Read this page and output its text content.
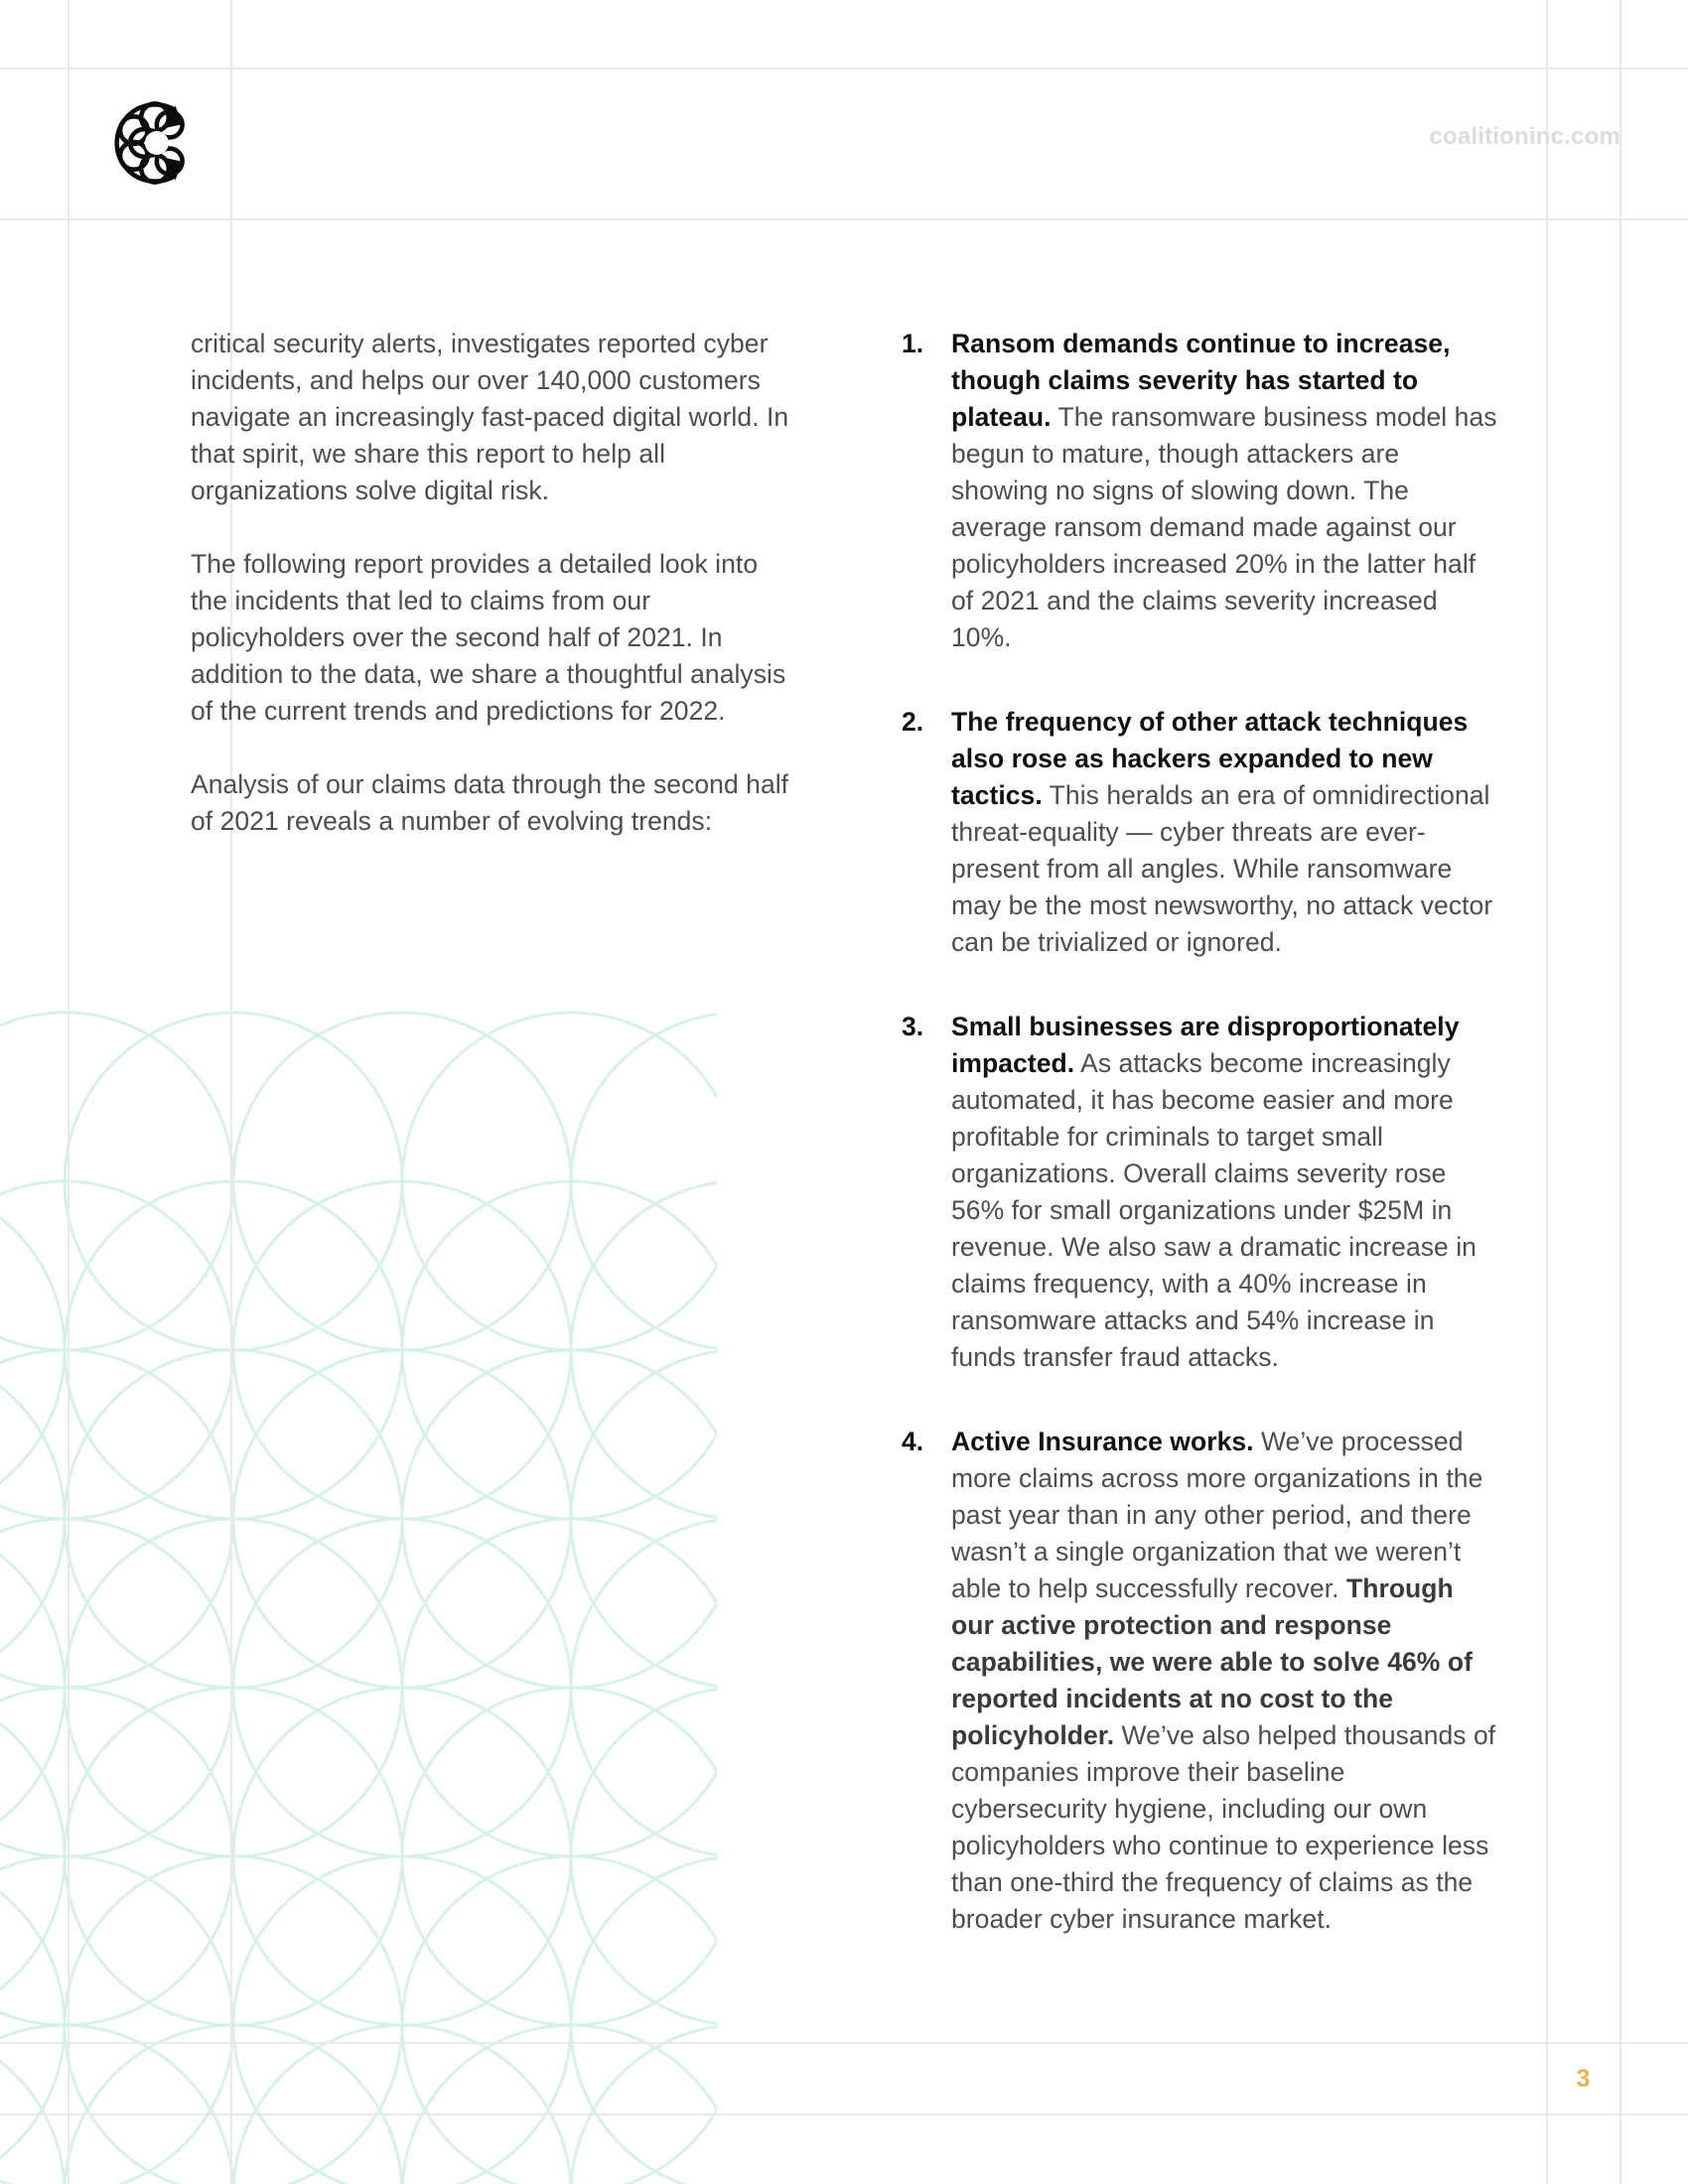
coalitioninc.com

critical security alerts, investigates reported cyber incidents, and helps our over 140,000 customers navigate an increasingly fast-paced digital world. In that spirit, we share this report to help all organizations solve digital risk.

The following report provides a detailed look into the incidents that led to claims from our policyholders over the second half of 2021. In addition to the data, we share a thoughtful analysis of the current trends and predictions for 2022.

Analysis of our claims data through the second half of 2021 reveals a number of evolving trends:

1.	Ransom demands continue to increase, though claims severity has started to plateau. The ransomware business model has begun to mature, though attackers are showing no signs of slowing down. The average ransom demand made against our policyholders increased 20% in the latter half of 2021 and the claims severity increased 10%.
2.	The frequency of other attack techniques also rose as hackers expanded to new tactics. This heralds an era of omnidirectional threat-equality — cyber threats are ever-present from all angles. While ransomware may be the most newsworthy, no attack vector can be trivialized or ignored.
3.	Small businesses are disproportionately impacted. As attacks become increasingly automated, it has become easier and more profitable for criminals to target small organizations. Overall claims severity rose 56% for small organizations under $25M in revenue. We also saw a dramatic increase in claims frequency, with a 40% increase in ransomware attacks and 54% increase in funds transfer fraud attacks.
4.	Active Insurance works. We’ve processed more claims across more organizations in the past year than in any other period, and there wasn’t a single organization that we weren’t able to help successfully recover. Through our active protection and response capabilities, we were able to solve 46% of reported incidents at no cost to the policyholder. We’ve also helped thousands of companies improve their baseline cybersecurity hygiene, including our own policyholders who continue to experience less than one-third the frequency of claims as the broader cyber insurance market.
3
